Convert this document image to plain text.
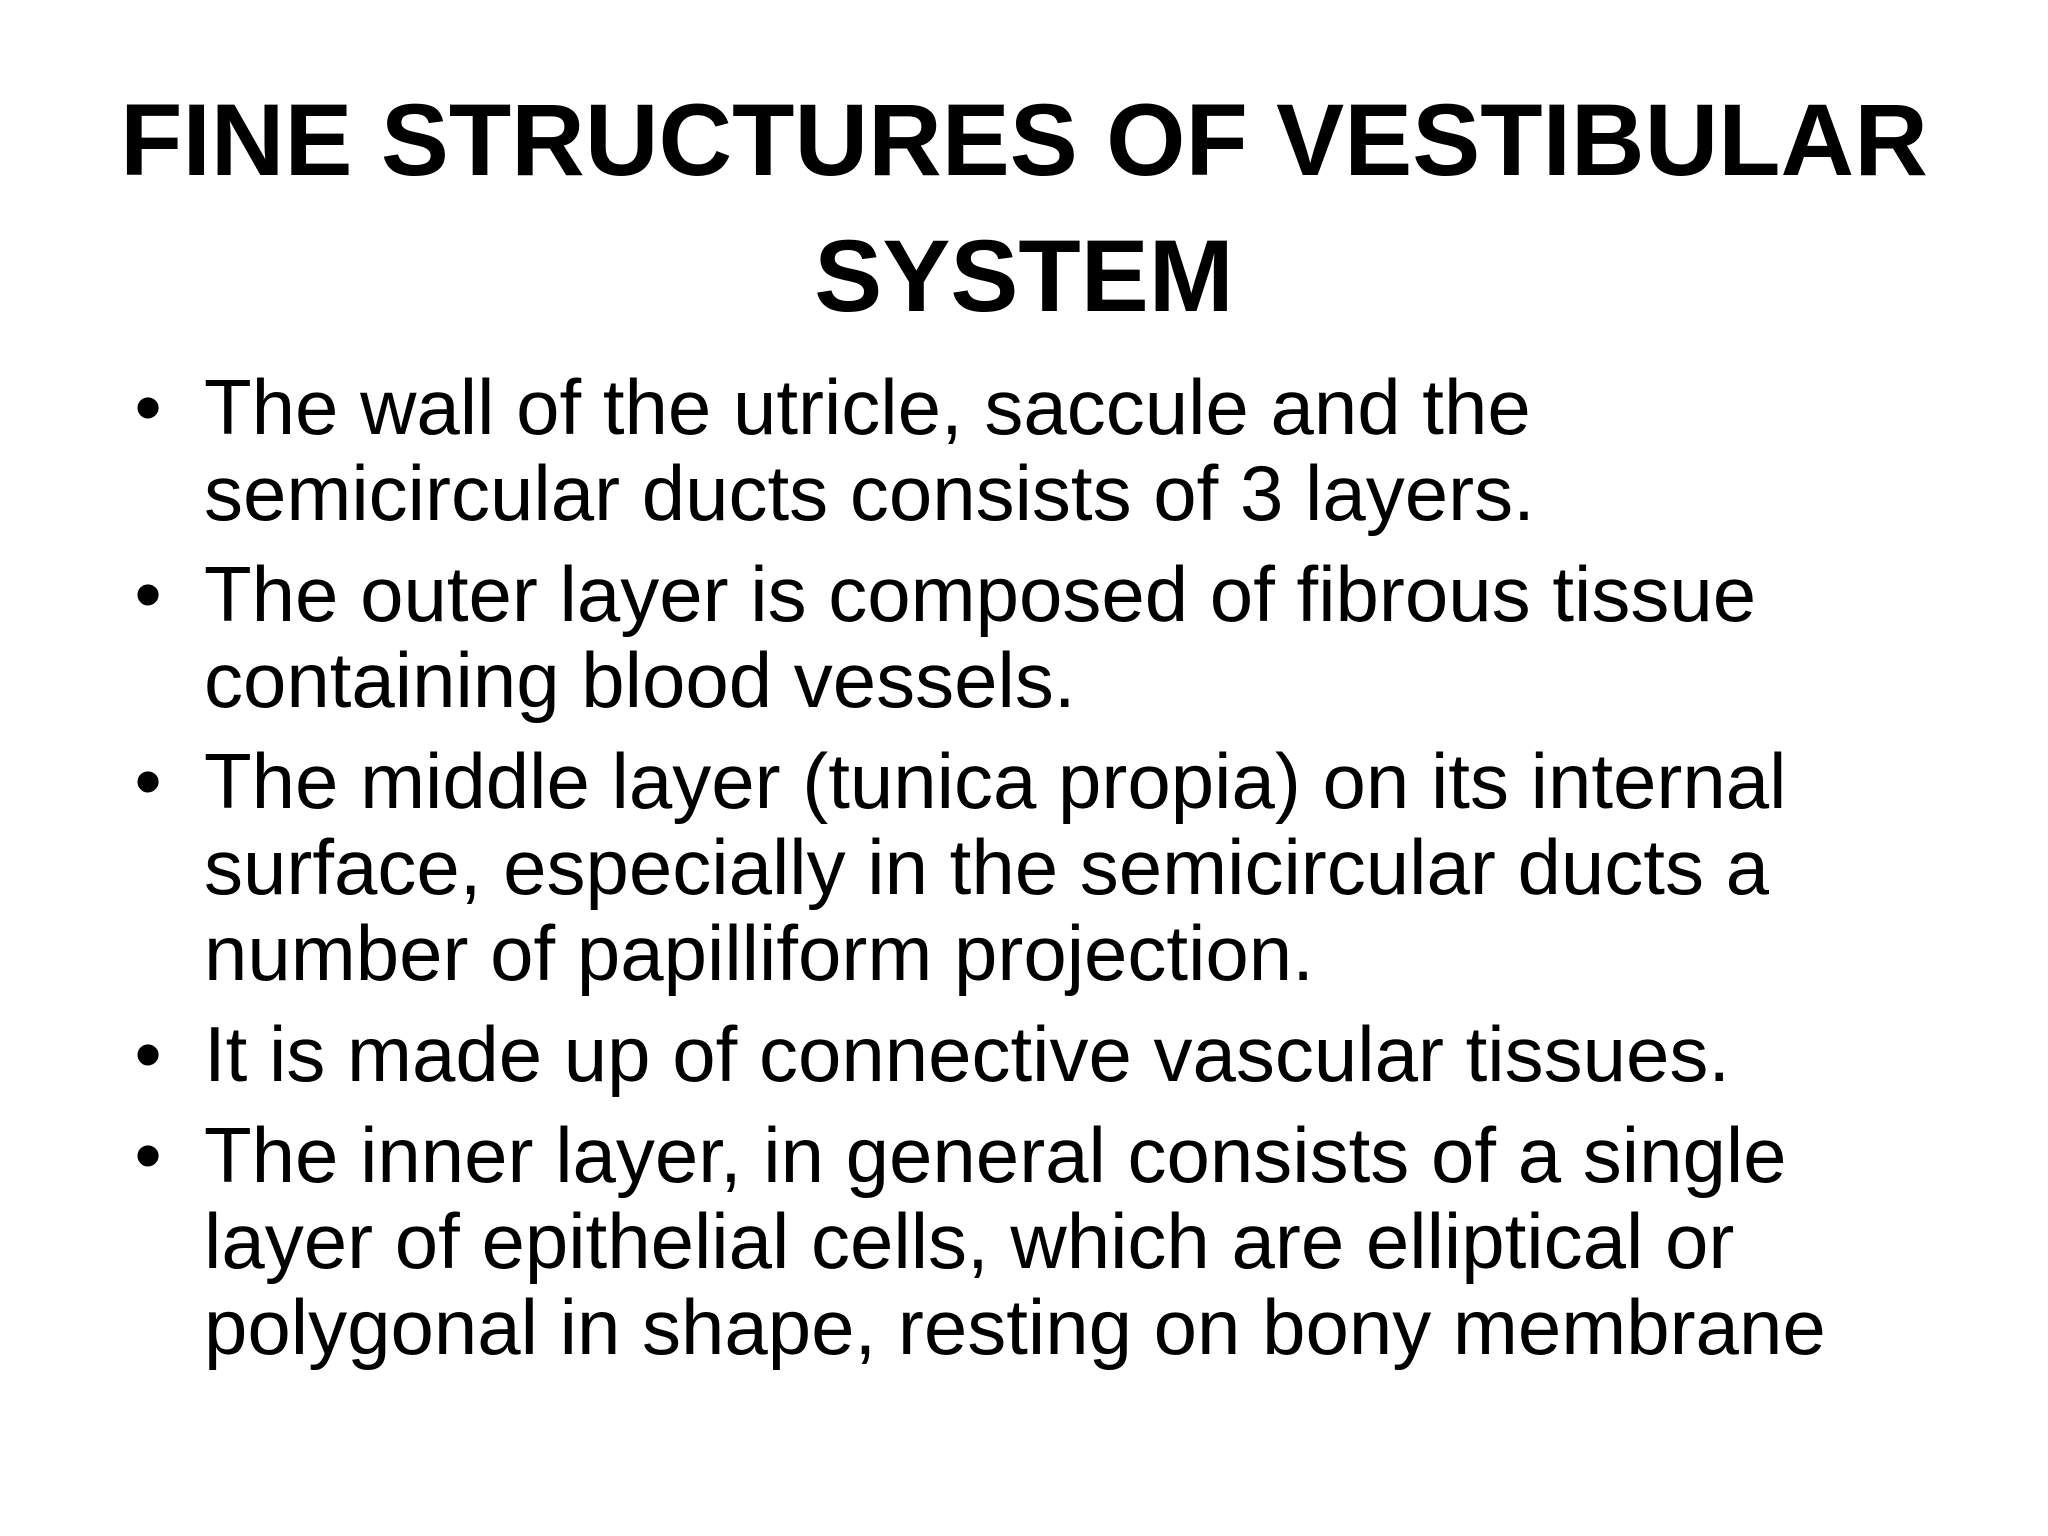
FINE STRUCTURES OF VESTIBULAR
SYSTEM
• The wall of the utricle, saccule and the
semicircular ducts consists of 3 layers.
• The outer layer is composed of fibrous tissue
containing blood vessels.
• The middle layer (tunica propia) on its internal
surface, especially in the semicircular ducts a
number of papilliform projection.
• It is made up of connective vascular tissues.
• The inner layer, in general consists of a single
layer of epithelial cells, which are elliptical or
polygonal in shape, resting on bony membrane
